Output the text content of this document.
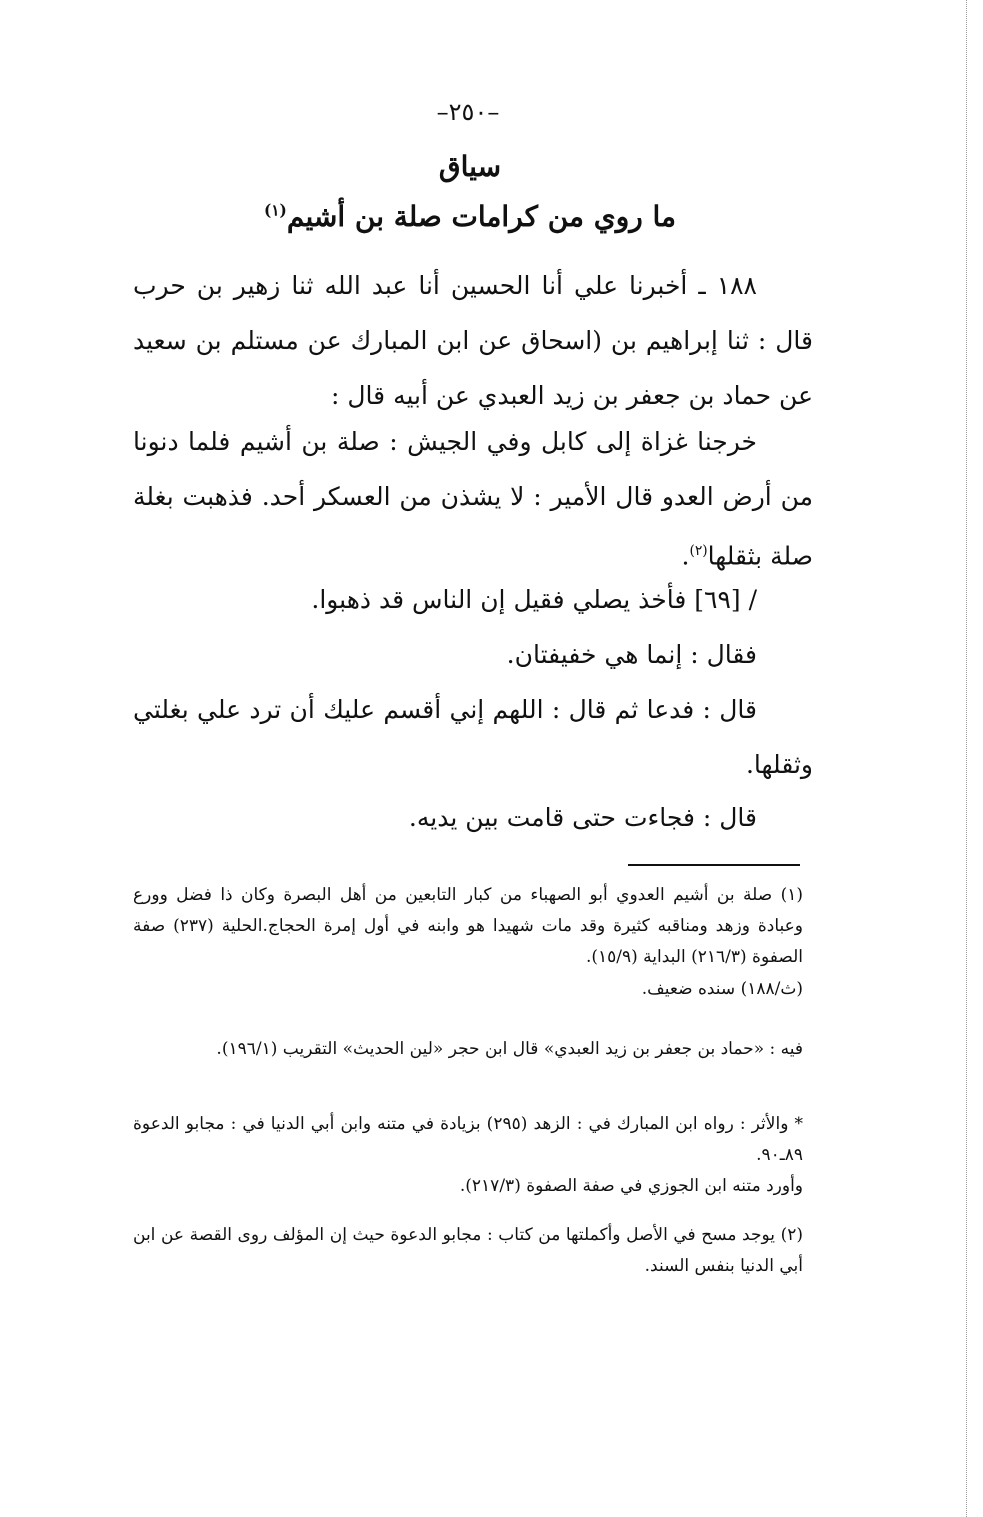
–٢٥٠–
سياق
ما روي من كرامات صلة بن أشيم$^{(١)}$

١٨٨ ـ أخبرنا علي أنا الحسين أنا عبد الله ثنا زهير بن حرب قال : ثنا إبراهيم بن (اسحاق عن ابن المبارك عن مستلم بن سعيد عن حماد بن جعفر بن زيد العبدي عن أبيه قال :

خرجنا غزاة إلى كابل وفي الجيش : صلة بن أشيم فلما دنونا من أرض العدو قال الأمير : لا يشذن من العسكر أحد. فذهبت بغلة صلة بثقلها$^{(٢)}$.

/ [٦٩] فأخذ يصلي فقيل إن الناس قد ذهبوا.

فقال : إنما هي خفيفتان.

قال : فدعا ثم قال : اللهم إني أقسم عليك أن ترد علي بغلتي وثقلها.

قال : فجاءت حتى قامت بين يديه.

(١) صلة بن أشيم العدوي أبو الصهباء من كبار التابعين من أهل البصرة وكان ذا فضل وورع وعبادة وزهد ومناقبه كثيرة وقد مات شهيدا هو وابنه في أول إمرة الحجاج.الحلية (٢٣٧) صفة الصفوة (٢١٦/٣) البداية (١٥/٩).
(ث/١٨٨) سنده ضعيف.
فيه : «حماد بن جعفر بن زيد العبدي» قال ابن حجر «لين الحديث» التقريب (١٩٦/١).
* والأثر : رواه ابن المبارك في : الزهد (٢٩٥) بزيادة في متنه وابن أبي الدنيا في : مجابو الدعوة ٨٩ـ٩٠.
وأورد متنه ابن الجوزي في صفة الصفوة (٢١٧/٣).
(٢) يوجد مسح في الأصل وأكملتها من كتاب : مجابو الدعوة حيث إن المؤلف روى القصة عن ابن أبي الدنيا بنفس السند.
